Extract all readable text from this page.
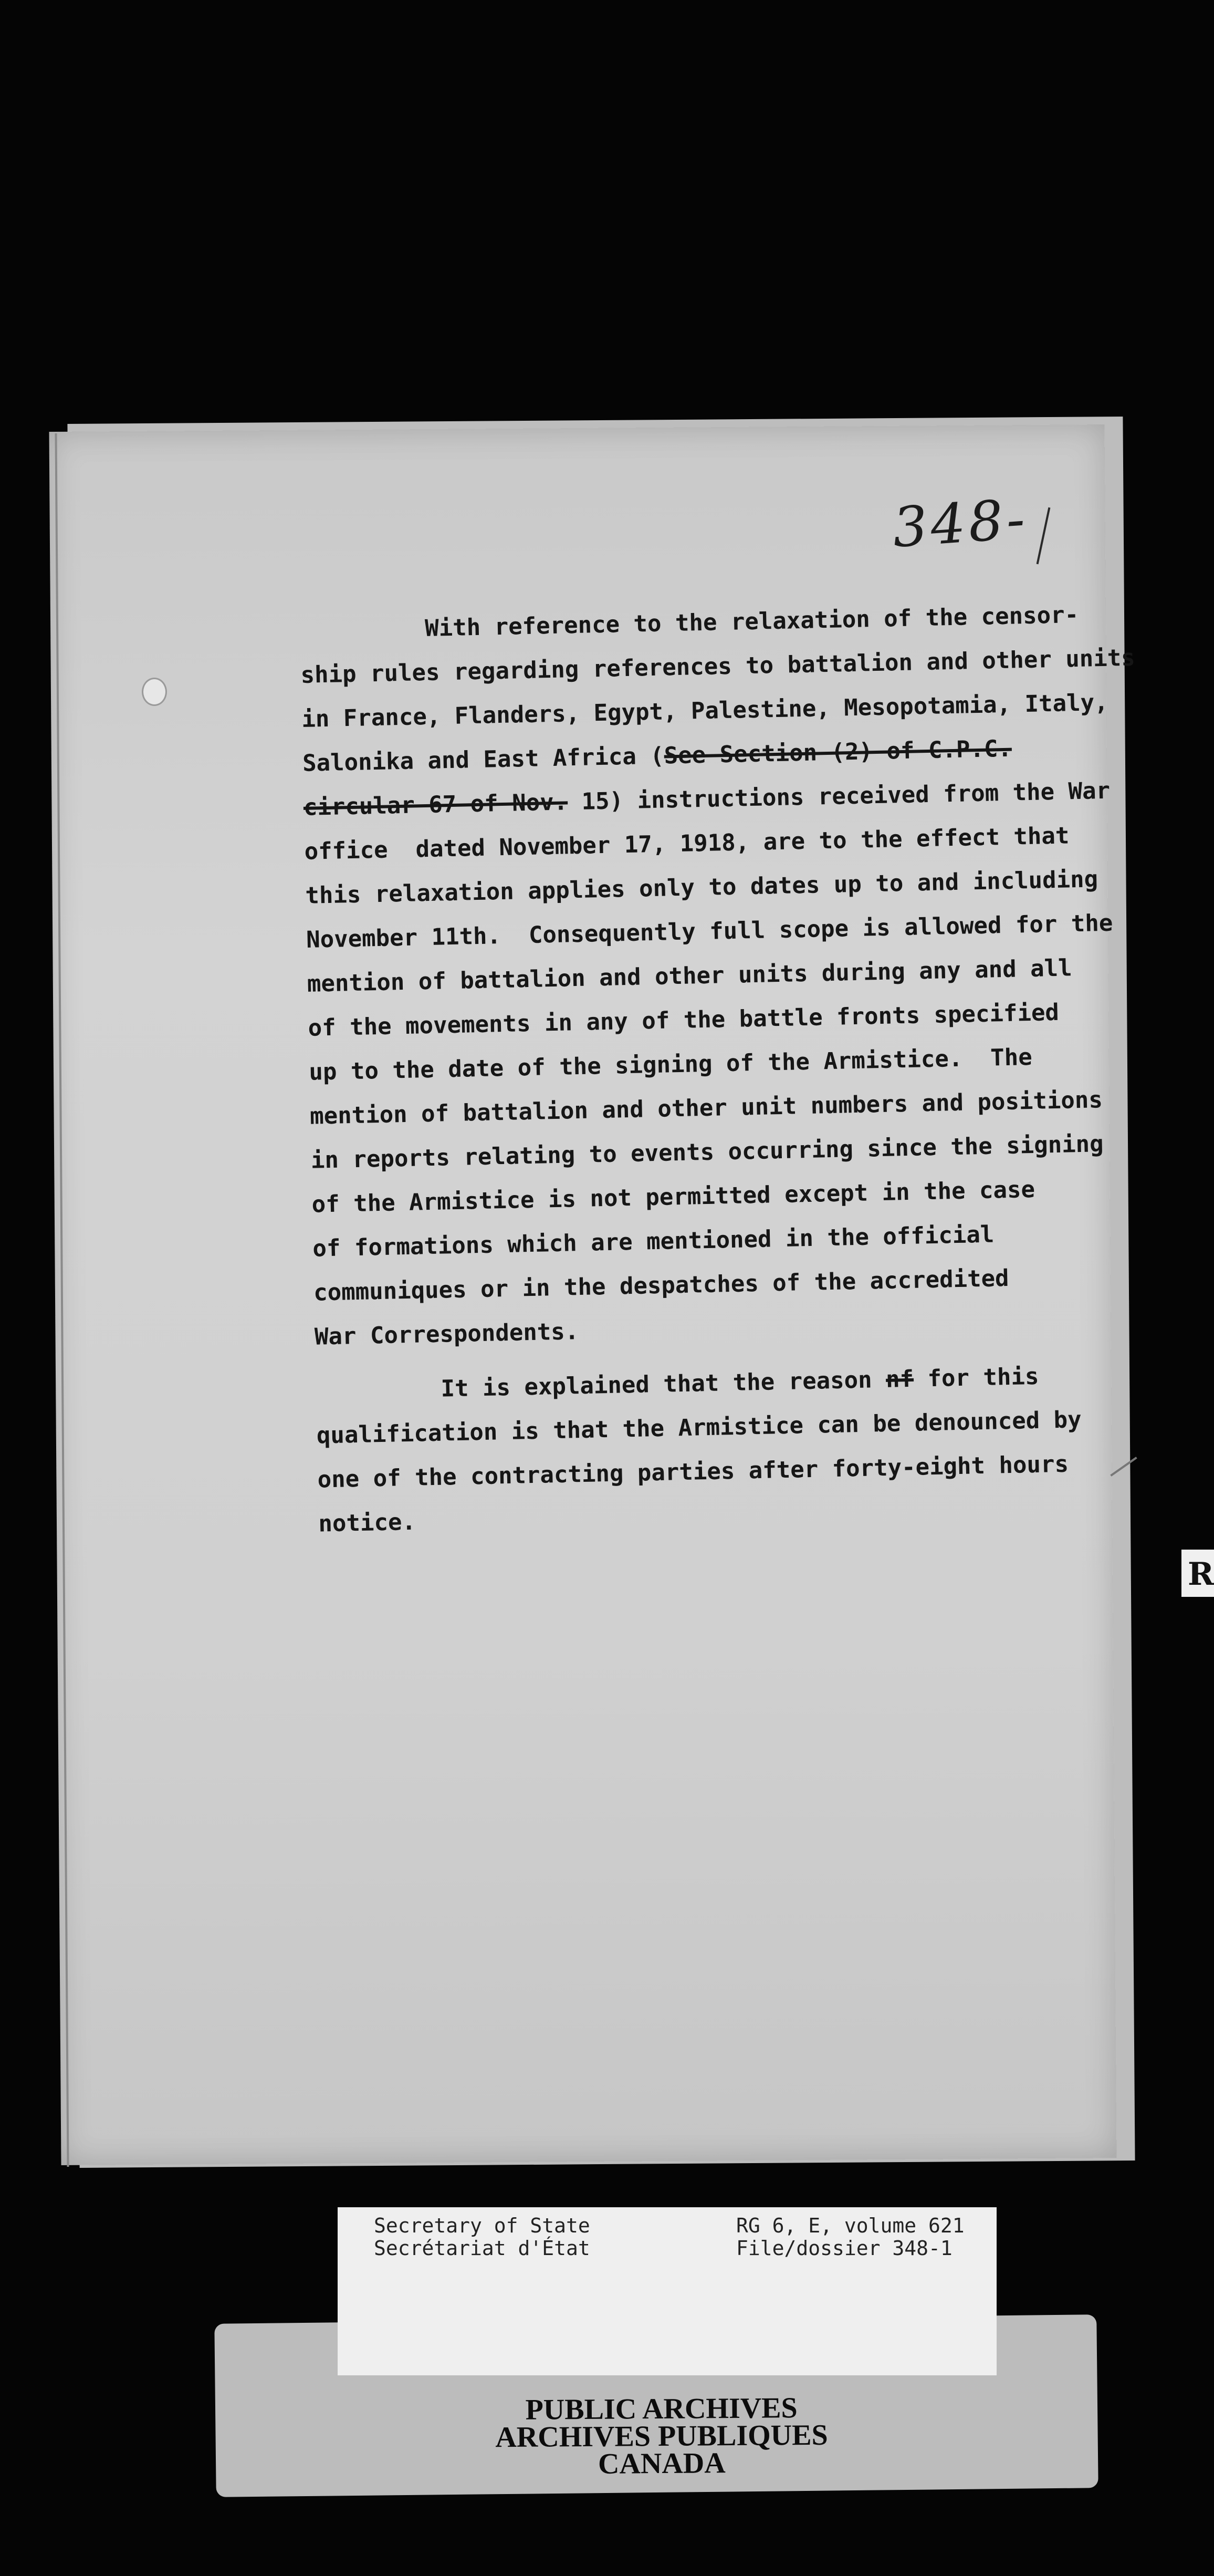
348-
With reference to the relaxation of the censor-
ship rules regarding references to battalion and other units
in France, Flanders, Egypt, Palestine, Mesopotamia, Italy,
Salonika and East Africa (See Section (2) of C.P.C.
circular 67 of Nov. 15) instructions received from the War
office  dated November 17, 1918, are to the effect that
this relaxation applies only to dates up to and including
November 11th.  Consequently full scope is allowed for the
mention of battalion and other units during any and all
of the movements in any of the battle fronts specified
up to the date of the signing of the Armistice.  The
mention of battalion and other unit numbers and positions
in reports relating to events occurring since the signing
of the Armistice is not permitted except in the case
of formations which are mentioned in the official
communiques or in the despatches of the accredited
War Correspondents.
It is explained that the reason nf for this
qualification is that the Armistice can be denounced by
one of the contracting parties after forty-eight hours
notice.
R
Secretary of State
Secrétariat d'État
RG 6, E, volume 621
File/dossier 348-1
PUBLIC ARCHIVES
ARCHIVES PUBLIQUES
CANADA
